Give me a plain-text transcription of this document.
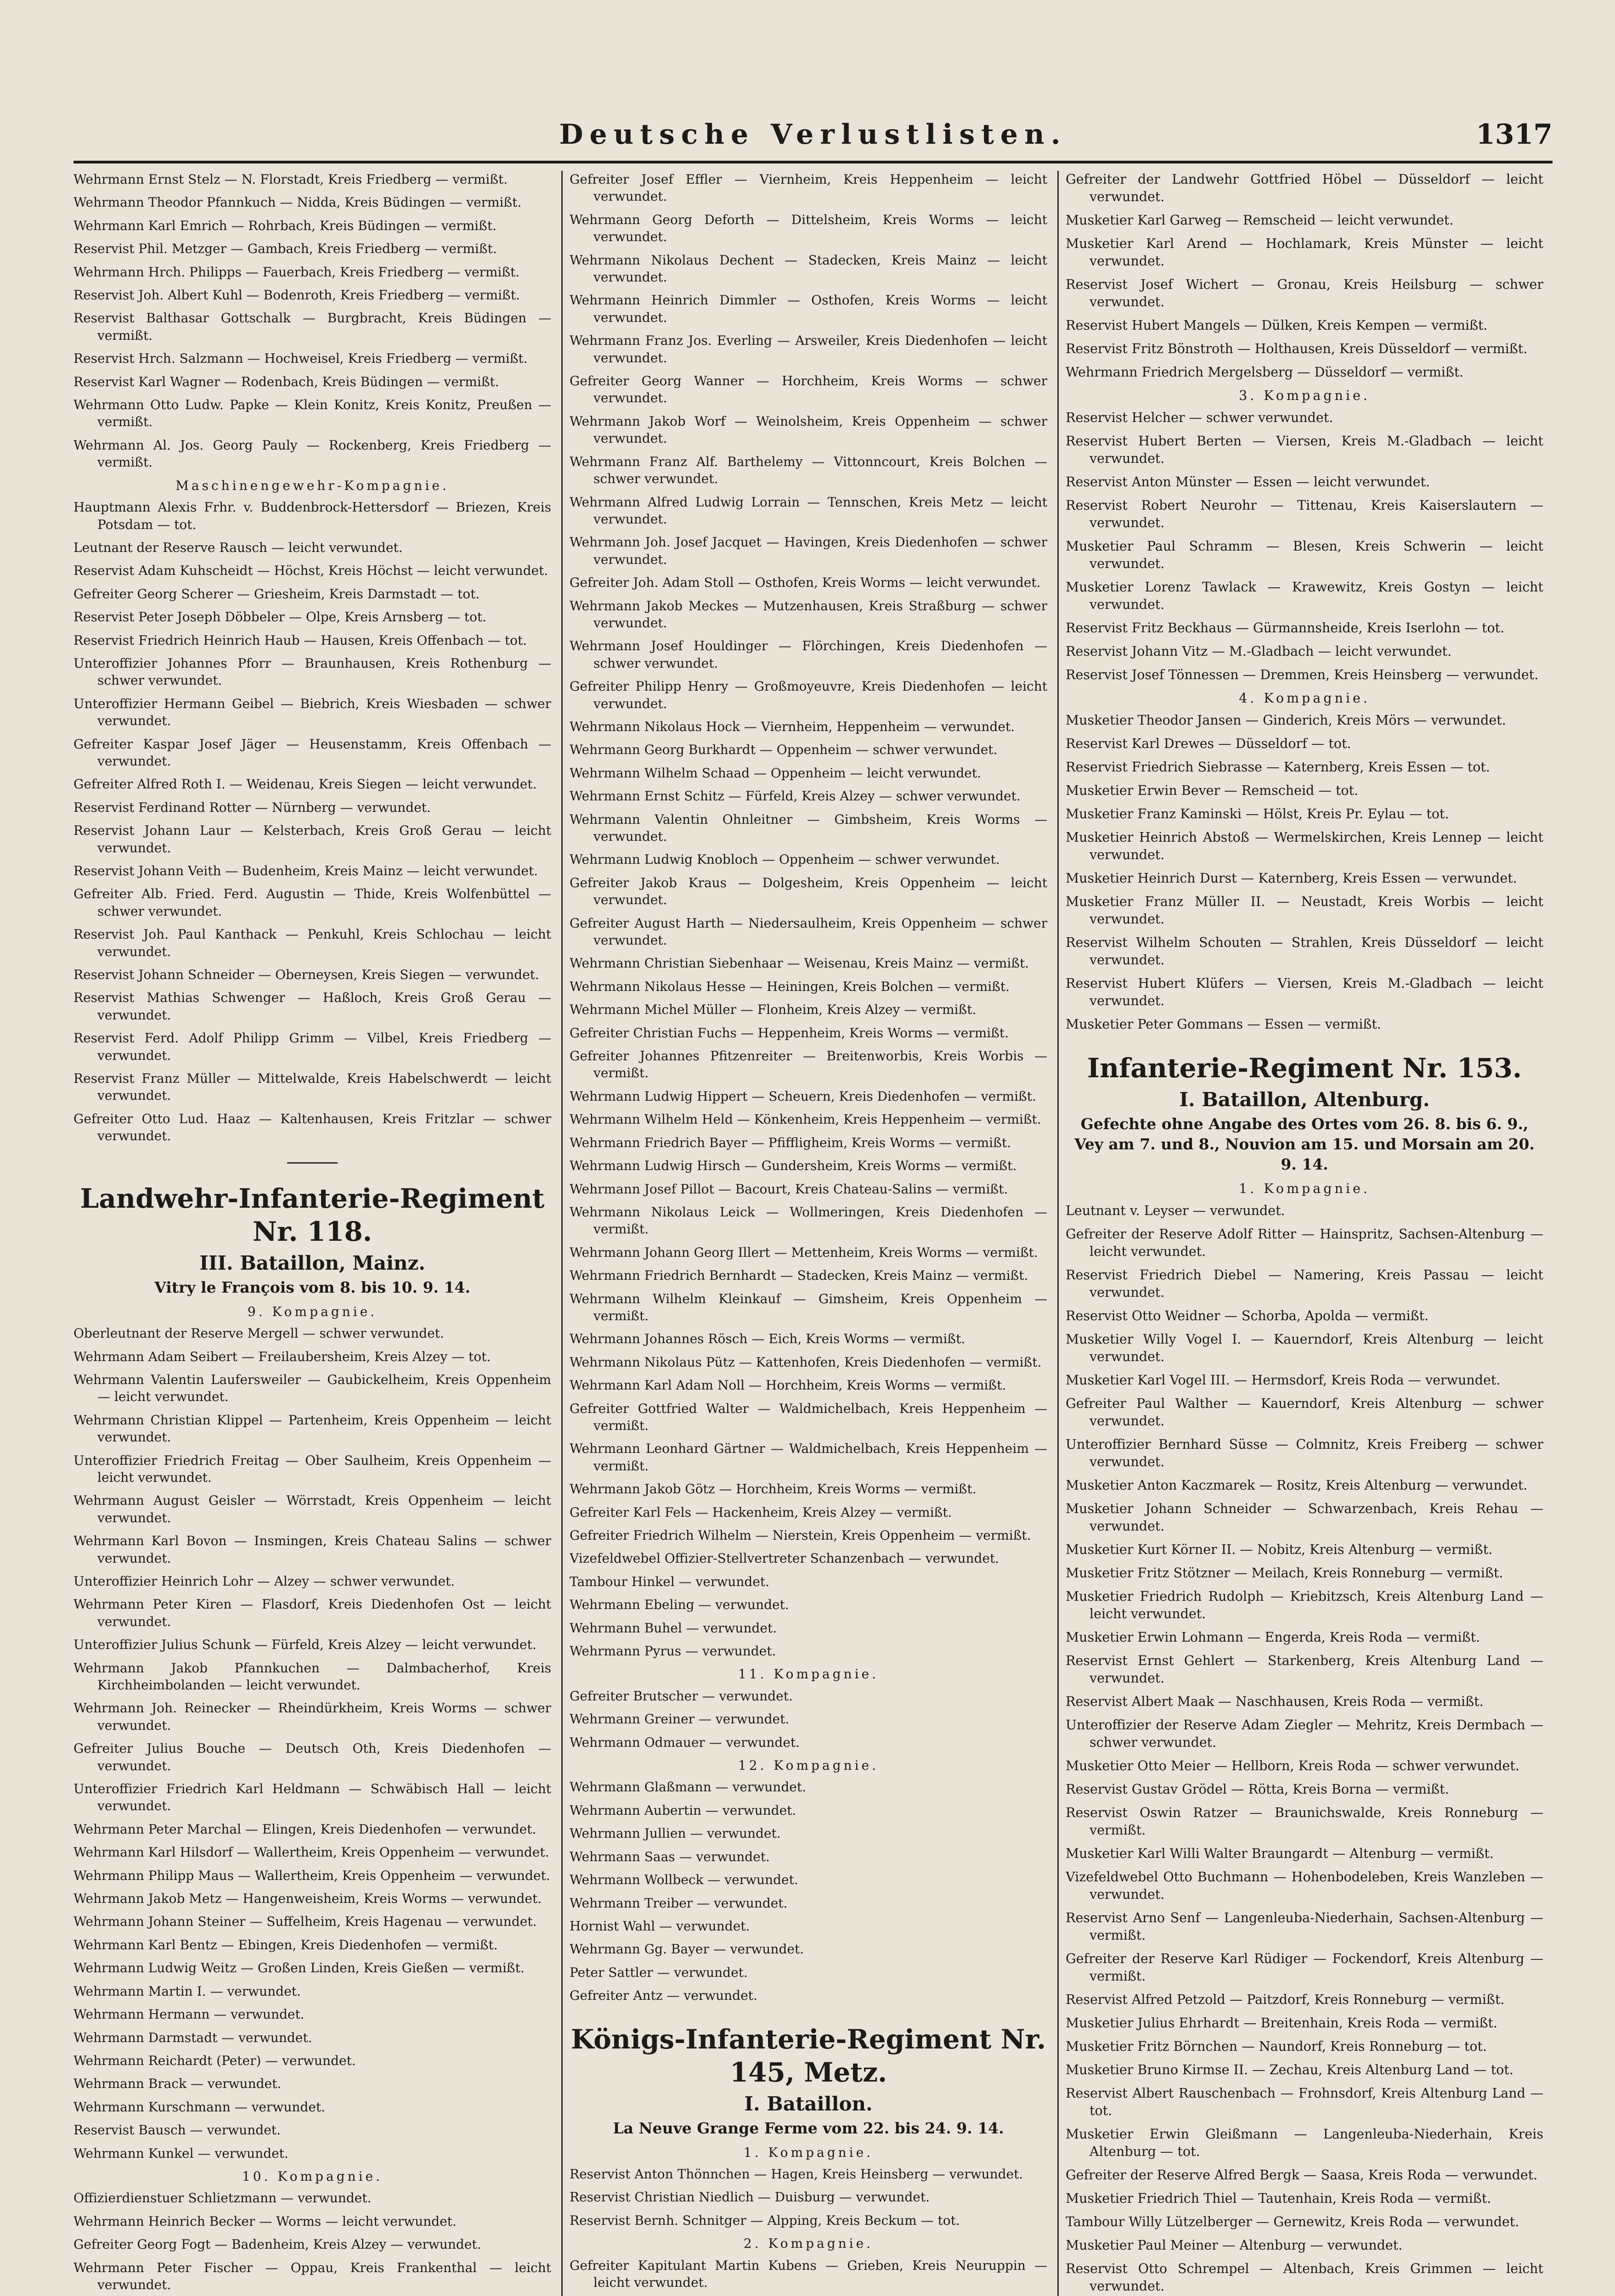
Deutsche Verlustlisten.	1317
Wehrmann Ernst Stelz — N. Florstadt, Kreis Friedberg — vermißt.
Wehrmann Theodor Pfannkuch — Nidda, Kreis Büdingen — vermißt.
Wehrmann Karl Emrich — Rohrbach, Kreis Büdingen — vermißt.
Reservist Phil. Metzger — Gambach, Kreis Friedberg — vermißt.
Wehrmann Hrch. Philipps — Fauerbach, Kreis Friedberg — vermißt.
Reservist Joh. Albert Kuhl — Bodenroth, Kreis Friedberg — vermißt.
Reservist Balthasar Gottschalk — Burgbracht, Kreis Büdingen — vermißt.
Reservist Hrch. Salzmann — Hochweisel, Kreis Friedberg — vermißt.
Reservist Karl Wagner — Rodenbach, Kreis Büdingen — vermißt.
Wehrmann Otto Ludw. Papke — Klein Konitz, Kreis Konitz, Preußen — vermißt.
Wehrmann Al. Jos. Georg Pauly — Rockenberg, Kreis Friedberg — vermißt.
Maschinengewehr-Kompagnie.
Hauptmann Alexis Frhr. v. Buddenbrock-Hettersdorf — Briezen, Kreis Potsdam — tot.
Leutnant der Reserve Rausch — leicht verwundet.
Reservist Adam Kuhscheidt — Höchst, Kreis Höchst — leicht verwundet.
Gefreiter Georg Scherer — Griesheim, Kreis Darmstadt — tot.
Reservist Peter Joseph Döbbeler — Olpe, Kreis Arnsberg — tot.
Reservist Friedrich Heinrich Haub — Hausen, Kreis Offenbach — tot.
Unteroffizier Johannes Pforr — Braunhausen, Kreis Rothenburg — schwer verwundet.
Unteroffizier Hermann Geibel — Biebrich, Kreis Wiesbaden — schwer verwundet.
Gefreiter Kaspar Josef Jäger — Heusenstamm, Kreis Offenbach — verwundet.
Gefreiter Alfred Roth I. — Weidenau, Kreis Siegen — leicht verwundet.
Reservist Ferdinand Rotter — Nürnberg — verwundet.
Reservist Johann Laur — Kelsterbach, Kreis Groß Gerau — leicht verwundet.
Reservist Johann Veith — Budenheim, Kreis Mainz — leicht verwundet.
Gefreiter Alb. Fried. Ferd. Augustin — Thide, Kreis Wolfenbüttel — schwer verwundet.
Reservist Joh. Paul Kanthack — Penkuhl, Kreis Schlochau — leicht verwundet.
Reservist Johann Schneider — Oberneysen, Kreis Siegen — verwundet.
Reservist Mathias Schwenger — Haßloch, Kreis Groß Gerau — verwundet.
Reservist Ferd. Adolf Philipp Grimm — Vilbel, Kreis Friedberg — verwundet.
Reservist Franz Müller — Mittelwalde, Kreis Habelschwerdt — leicht verwundet.
Gefreiter Otto Lud. Haaz — Kaltenhausen, Kreis Fritzlar — schwer verwundet.
Landwehr-Infanterie-Regiment Nr. 118.
III. Bataillon, Mainz.
Vitry le François vom 8. bis 10. 9. 14.
9. Kompagnie.
Oberleutnant der Reserve Mergell — schwer verwundet.
Wehrmann Adam Seibert — Freilaubersheim, Kreis Alzey — tot.
Wehrmann Valentin Laufersweiler — Gaubickelheim, Kreis Oppenheim — leicht verwundet.
Wehrmann Christian Klippel — Partenheim, Kreis Oppenheim — leicht verwundet.
Unteroffizier Friedrich Freitag — Ober Saulheim, Kreis Oppenheim — leicht verwundet.
Wehrmann August Geisler — Wörrstadt, Kreis Oppenheim — leicht verwundet.
Wehrmann Karl Bovon — Insmingen, Kreis Chateau Salins — schwer verwundet.
Unteroffizier Heinrich Lohr — Alzey — schwer verwundet.
Wehrmann Peter Kiren — Flasdorf, Kreis Diedenhofen Ost — leicht verwundet.
Unteroffizier Julius Schunk — Fürfeld, Kreis Alzey — leicht verwundet.
Wehrmann Jakob Pfannkuchen — Dalmbacherhof, Kreis Kirchheimbolanden — leicht verwundet.
Wehrmann Joh. Reinecker — Rheindürkheim, Kreis Worms — schwer verwundet.
Gefreiter Julius Bouche — Deutsch Oth, Kreis Diedenhofen — verwundet.
Unteroffizier Friedrich Karl Heldmann — Schwäbisch Hall — leicht verwundet.
Wehrmann Peter Marchal — Elingen, Kreis Diedenhofen — verwundet.
Wehrmann Karl Hilsdorf — Wallertheim, Kreis Oppenheim — verwundet.
Wehrmann Philipp Maus — Wallertheim, Kreis Oppenheim — verwundet.
Wehrmann Jakob Metz — Hangenweisheim, Kreis Worms — verwundet.
Wehrmann Johann Steiner — Suffelheim, Kreis Hagenau — verwundet.
Wehrmann Karl Bentz — Ebingen, Kreis Diedenhofen — vermißt.
Wehrmann Ludwig Weitz — Großen Linden, Kreis Gießen — vermißt.
Wehrmann Martin I. — verwundet.
Wehrmann Hermann — verwundet.
Wehrmann Darmstadt — verwundet.
Wehrmann Reichardt (Peter) — verwundet.
Wehrmann Brack — verwundet.
Wehrmann Kurschmann — verwundet.
Reservist Bausch — verwundet.
Wehrmann Kunkel — verwundet.
10. Kompagnie.
Offizierdienstuer Schlietzmann — verwundet.
Wehrmann Heinrich Becker — Worms — leicht verwundet.
Gefreiter Georg Fogt — Badenheim, Kreis Alzey — verwundet.
Wehrmann Peter Fischer — Oppau, Kreis Frankenthal — leicht verwundet.
Gefreiter Josef Effler — Viernheim, Kreis Heppenheim — leicht verwundet.
Wehrmann Georg Deforth — Dittelsheim, Kreis Worms — leicht verwundet.
Wehrmann Nikolaus Dechent — Stadecken, Kreis Mainz — leicht verwundet.
Wehrmann Heinrich Dimmler — Osthofen, Kreis Worms — leicht verwundet.
Wehrmann Franz Jos. Everling — Arsweiler, Kreis Diedenhofen — leicht verwundet.
Gefreiter Georg Wanner — Horchheim, Kreis Worms — schwer verwundet.
Wehrmann Jakob Worf — Weinolsheim, Kreis Oppenheim — schwer verwundet.
Wehrmann Franz Alf. Barthelemy — Vittonncourt, Kreis Bolchen — schwer verwundet.
Wehrmann Alfred Ludwig Lorrain — Tennschen, Kreis Metz — leicht verwundet.
Wehrmann Joh. Josef Jacquet — Havingen, Kreis Diedenhofen — schwer verwundet.
Gefreiter Joh. Adam Stoll — Osthofen, Kreis Worms — leicht verwundet.
Wehrmann Jakob Meckes — Mutzenhausen, Kreis Straßburg — schwer verwundet.
Wehrmann Josef Houldinger — Flörchingen, Kreis Diedenhofen — schwer verwundet.
Gefreiter Philipp Henry — Großmoyeuvre, Kreis Diedenhofen — leicht verwundet.
Wehrmann Nikolaus Hock — Viernheim, Heppenheim — verwundet.
Wehrmann Georg Burkhardt — Oppenheim — schwer verwundet.
Wehrmann Wilhelm Schaad — Oppenheim — leicht verwundet.
Wehrmann Ernst Schitz — Fürfeld, Kreis Alzey — schwer verwundet.
Wehrmann Valentin Ohnleitner — Gimbsheim, Kreis Worms — verwundet.
Wehrmann Ludwig Knobloch — Oppenheim — schwer verwundet.
Gefreiter Jakob Kraus — Dolgesheim, Kreis Oppenheim — leicht verwundet.
Gefreiter August Harth — Niedersaulheim, Kreis Oppenheim — schwer verwundet.
Wehrmann Christian Siebenhaar — Weisenau, Kreis Mainz — vermißt.
Wehrmann Nikolaus Hesse — Heiningen, Kreis Bolchen — vermißt.
Wehrmann Michel Müller — Flonheim, Kreis Alzey — vermißt.
Gefreiter Christian Fuchs — Heppenheim, Kreis Worms — vermißt.
Gefreiter Johannes Pfitzenreiter — Breitenworbis, Kreis Worbis — vermißt.
Wehrmann Ludwig Hippert — Scheuern, Kreis Diedenhofen — vermißt.
Wehrmann Wilhelm Held — Könkenheim, Kreis Heppenheim — vermißt.
Wehrmann Friedrich Bayer — Pfiffligheim, Kreis Worms — vermißt.
Wehrmann Ludwig Hirsch — Gundersheim, Kreis Worms — vermißt.
Wehrmann Josef Pillot — Bacourt, Kreis Chateau-Salins — vermißt.
Wehrmann Nikolaus Leick — Wollmeringen, Kreis Diedenhofen — vermißt.
Wehrmann Johann Georg Illert — Mettenheim, Kreis Worms — vermißt.
Wehrmann Friedrich Bernhardt — Stadecken, Kreis Mainz — vermißt.
Wehrmann Wilhelm Kleinkauf — Gimsheim, Kreis Oppenheim — vermißt.
Wehrmann Johannes Rösch — Eich, Kreis Worms — vermißt.
Wehrmann Nikolaus Pütz — Kattenhofen, Kreis Diedenhofen — vermißt.
Wehrmann Karl Adam Noll — Horchheim, Kreis Worms — vermißt.
Gefreiter Gottfried Walter — Waldmichelbach, Kreis Heppenheim — vermißt.
Wehrmann Leonhard Gärtner — Waldmichelbach, Kreis Heppenheim — vermißt.
Wehrmann Jakob Götz — Horchheim, Kreis Worms — vermißt.
Gefreiter Karl Fels — Hackenheim, Kreis Alzey — vermißt.
Gefreiter Friedrich Wilhelm — Nierstein, Kreis Oppenheim — vermißt.
Vizefeldwebel Offizier-Stellvertreter Schanzenbach — verwundet.
Tambour Hinkel — verwundet.
Wehrmann Ebeling — verwundet.
Wehrmann Buhel — verwundet.
Wehrmann Pyrus — verwundet.
11. Kompagnie.
Gefreiter Brutscher — verwundet.
Wehrmann Greiner — verwundet.
Wehrmann Odmauer — verwundet.
12. Kompagnie.
Wehrmann Glaßmann — verwundet.
Wehrmann Aubertin — verwundet.
Wehrmann Jullien — verwundet.
Wehrmann Saas — verwundet.
Wehrmann Wollbeck — verwundet.
Wehrmann Treiber — verwundet.
Hornist Wahl — verwundet.
Wehrmann Gg. Bayer — verwundet.
Peter Sattler — verwundet.
Gefreiter Antz — verwundet.
Königs-Infanterie-Regiment Nr. 145, Metz.
I. Bataillon.
La Neuve Grange Ferme vom 22. bis 24. 9. 14.
1. Kompagnie.
Reservist Anton Thönnchen — Hagen, Kreis Heinsberg — verwundet.
Reservist Christian Niedlich — Duisburg — verwundet.
Reservist Bernh. Schnitger — Alpping, Kreis Beckum — tot.
2. Kompagnie.
Gefreiter Kapitulant Martin Kubens — Grieben, Kreis Neuruppin — leicht verwundet.
Gefreiter der Landwehr Gottfried Höbel — Düsseldorf — leicht verwundet.
Musketier Karl Garweg — Remscheid — leicht verwundet.
Musketier Karl Arend — Hochlamark, Kreis Münster — leicht verwundet.
Reservist Josef Wichert — Gronau, Kreis Heilsburg — schwer verwundet.
Reservist Hubert Mangels — Dülken, Kreis Kempen — vermißt.
Reservist Fritz Bönstroth — Holthausen, Kreis Düsseldorf — vermißt.
Wehrmann Friedrich Mergelsberg — Düsseldorf — vermißt.
3. Kompagnie.
Reservist Helcher — schwer verwundet.
Reservist Hubert Berten — Viersen, Kreis M.-Gladbach — leicht verwundet.
Reservist Anton Münster — Essen — leicht verwundet.
Reservist Robert Neurohr — Tittenau, Kreis Kaiserslautern — verwundet.
Musketier Paul Schramm — Blesen, Kreis Schwerin — leicht verwundet.
Musketier Lorenz Tawlack — Krawewitz, Kreis Gostyn — leicht verwundet.
Reservist Fritz Beckhaus — Gürmannsheide, Kreis Iserlohn — tot.
Reservist Johann Vitz — M.-Gladbach — leicht verwundet.
Reservist Josef Tönnessen — Dremmen, Kreis Heinsberg — verwundet.
4. Kompagnie.
Musketier Theodor Jansen — Ginderich, Kreis Mörs — verwundet.
Reservist Karl Drewes — Düsseldorf — tot.
Reservist Friedrich Siebrasse — Katernberg, Kreis Essen — tot.
Musketier Erwin Bever — Remscheid — tot.
Musketier Franz Kaminski — Hölst, Kreis Pr. Eylau — tot.
Musketier Heinrich Abstoß — Wermelskirchen, Kreis Lennep — leicht verwundet.
Musketier Heinrich Durst — Katernberg, Kreis Essen — verwundet.
Musketier Franz Müller II. — Neustadt, Kreis Worbis — leicht verwundet.
Reservist Wilhelm Schouten — Strahlen, Kreis Düsseldorf — leicht verwundet.
Reservist Hubert Klüfers — Viersen, Kreis M.-Gladbach — leicht verwundet.
Musketier Peter Gommans — Essen — vermißt.
Infanterie-Regiment Nr. 153.
I. Bataillon, Altenburg.
Gefechte ohne Angabe des Ortes vom 26. 8. bis 6. 9., Vey am 7. und 8., Nouvion am 15. und Morsain am 20. 9. 14.
1. Kompagnie.
Leutnant v. Leyser — verwundet.
Gefreiter der Reserve Adolf Ritter — Hainspritz, Sachsen-Altenburg — leicht verwundet.
Reservist Friedrich Diebel — Namering, Kreis Passau — leicht verwundet.
Reservist Otto Weidner — Schorba, Apolda — vermißt.
Musketier Willy Vogel I. — Kauerndorf, Kreis Altenburg — leicht verwundet.
Musketier Karl Vogel III. — Hermsdorf, Kreis Roda — verwundet.
Gefreiter Paul Walther — Kauerndorf, Kreis Altenburg — schwer verwundet.
Unteroffizier Bernhard Süsse — Colmnitz, Kreis Freiberg — schwer verwundet.
Musketier Anton Kaczmarek — Rositz, Kreis Altenburg — verwundet.
Musketier Johann Schneider — Schwarzenbach, Kreis Rehau — verwundet.
Musketier Kurt Körner II. — Nobitz, Kreis Altenburg — vermißt.
Musketier Fritz Stötzner — Meilach, Kreis Ronneburg — vermißt.
Musketier Friedrich Rudolph — Kriebitzsch, Kreis Altenburg Land — leicht verwundet.
Musketier Erwin Lohmann — Engerda, Kreis Roda — vermißt.
Reservist Ernst Gehlert — Starkenberg, Kreis Altenburg Land — verwundet.
Reservist Albert Maak — Naschhausen, Kreis Roda — vermißt.
Unteroffizier der Reserve Adam Ziegler — Mehritz, Kreis Dermbach — schwer verwundet.
Musketier Otto Meier — Hellborn, Kreis Roda — schwer verwundet.
Reservist Gustav Grödel — Rötta, Kreis Borna — vermißt.
Reservist Oswin Ratzer — Braunichswalde, Kreis Ronneburg — vermißt.
Musketier Karl Willi Walter Braungardt — Altenburg — vermißt.
Vizefeldwebel Otto Buchmann — Hohenbodeleben, Kreis Wanzleben — verwundet.
Reservist Arno Senf — Langenleuba-Niederhain, Sachsen-Altenburg — vermißt.
Gefreiter der Reserve Karl Rüdiger — Fockendorf, Kreis Altenburg — vermißt.
Reservist Alfred Petzold — Paitzdorf, Kreis Ronneburg — vermißt.
Musketier Julius Ehrhardt — Breitenhain, Kreis Roda — vermißt.
Musketier Fritz Börnchen — Naundorf, Kreis Ronneburg — tot.
Musketier Bruno Kirmse II. — Zechau, Kreis Altenburg Land — tot.
Reservist Albert Rauschenbach — Frohnsdorf, Kreis Altenburg Land — tot.
Musketier Erwin Gleißmann — Langenleuba-Niederhain, Kreis Altenburg — tot.
Gefreiter der Reserve Alfred Bergk — Saasa, Kreis Roda — verwundet.
Musketier Friedrich Thiel — Tautenhain, Kreis Roda — vermißt.
Tambour Willy Lützelberger — Gernewitz, Kreis Roda — verwundet.
Musketier Paul Meiner — Altenburg — verwundet.
Reservist Otto Schrempel — Altenbach, Kreis Grimmen — leicht verwundet.
